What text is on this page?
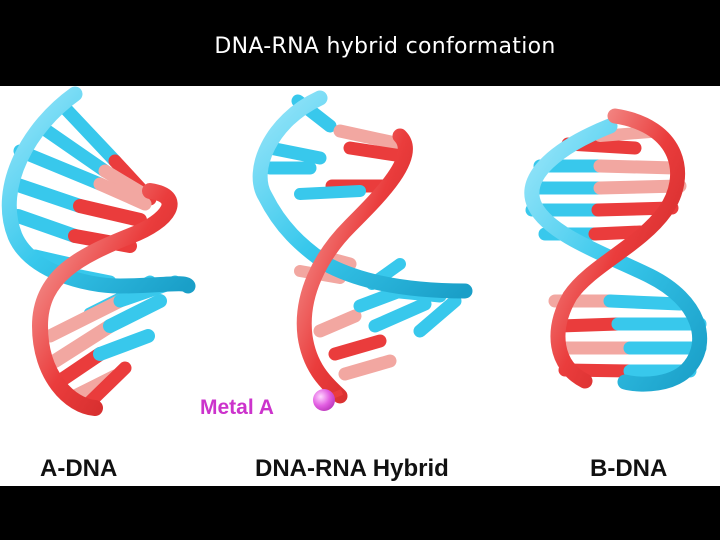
DNA-RNA hybrid conformation
Metal A
A-DNA	DNA-RNA Hybrid	B-DNA
